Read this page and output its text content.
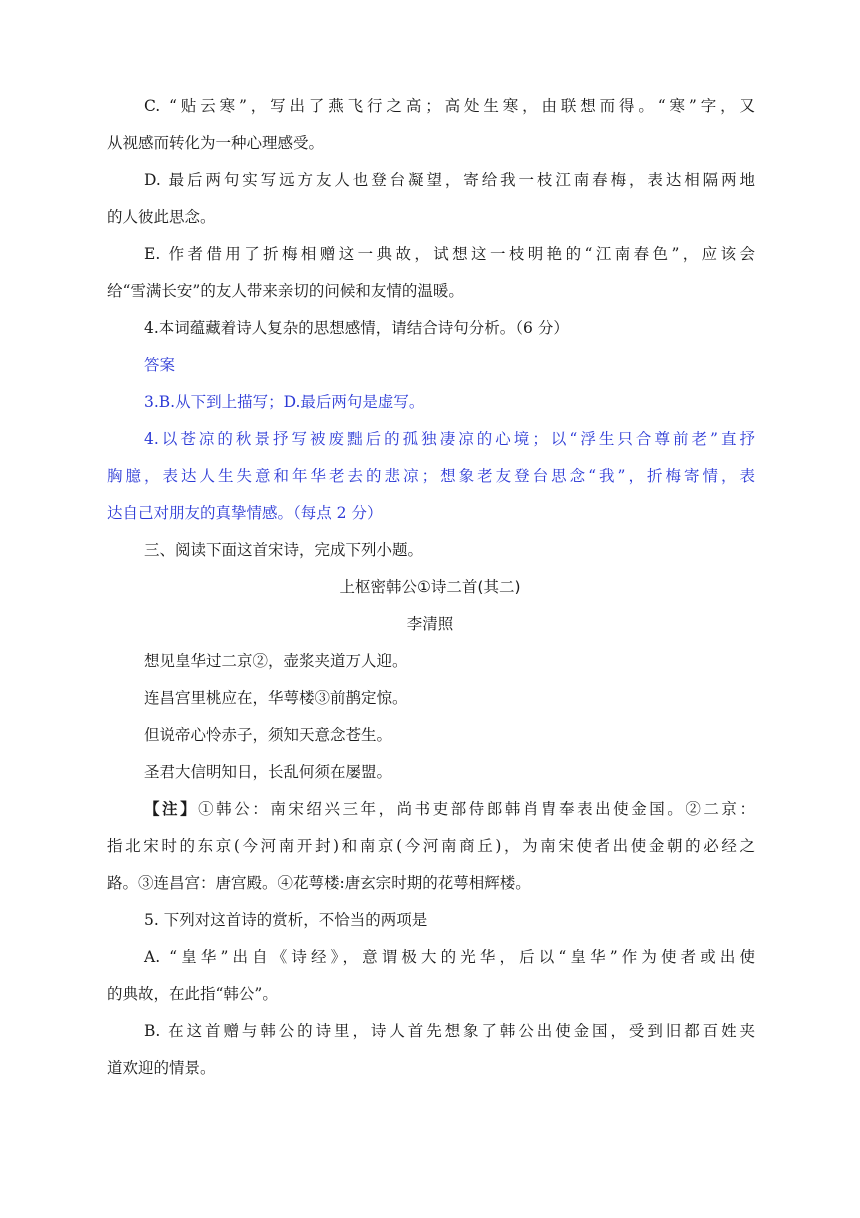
C. “贴云寒”，写出了燕飞行之高；高处生寒，由联想而得。“寒”字，又
从视感而转化为一种心理感受。
D. 最后两句实写远方友人也登台凝望，寄给我一枝江南春梅，表达相隔两地
的人彼此思念。
E. 作者借用了折梅相赠这一典故，试想这一枝明艳的“江南春色”，应该会
给“雪满长安”的友人带来亲切的问候和友情的温暖。
4.本词蕴藏着诗人复杂的思想感情，请结合诗句分析。（6 分）
答案
3.B.从下到上描写；D.最后两句是虚写。
4.以苍凉的秋景抒写被废黜后的孤独凄凉的心境；以“浮生只合尊前老”直抒
胸臆，表达人生失意和年华老去的悲凉；想象老友登台思念“我”，折梅寄情，表
达自己对朋友的真挚情感。（每点 2 分）
三、阅读下面这首宋诗，完成下列小题。
上枢密韩公①诗二首(其二)
李清照
想见皇华过二京②，壶浆夹道万人迎。
连昌宫里桃应在，华萼楼③前鹊定惊。
但说帝心怜赤子，须知天意念苍生。
圣君大信明知日，长乱何须在屡盟。
【注】①韩公：南宋绍兴三年，尚书吏部侍郎韩肖胄奉表出使金国。②二京：
指北宋时的东京(今河南开封)和南京(今河南商丘)，为南宋使者出使金朝的必经之
路。③连昌宫：唐宫殿。④花萼楼:唐玄宗时期的花萼相辉楼。
5. 下列对这首诗的赏析，不恰当的两项是
A. “皇华”出自《诗经》，意谓极大的光华，后以“皇华”作为使者或出使
的典故，在此指“韩公”。
B. 在这首赠与韩公的诗里，诗人首先想象了韩公出使金国，受到旧都百姓夹
道欢迎的情景。
